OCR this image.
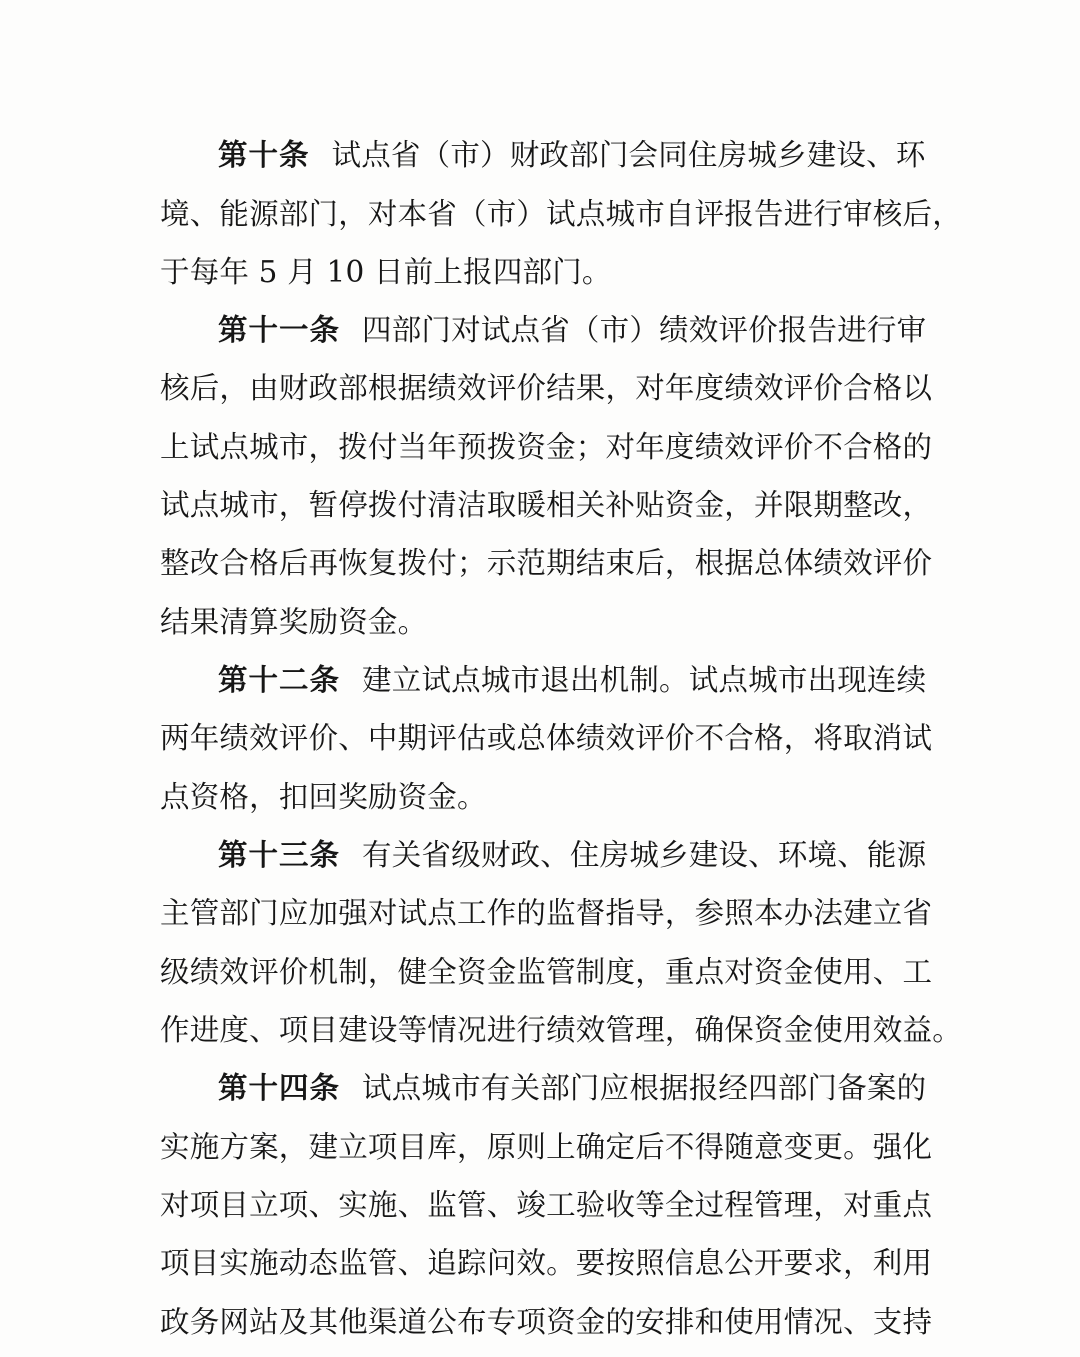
第十条 试点省（市）财政部门会同住房城乡建设、环
境、能源部门，对本省（市）试点城市自评报告进行审核后，
于每年 5 月 10 日前上报四部门。
第十一条 四部门对试点省（市）绩效评价报告进行审
核后，由财政部根据绩效评价结果，对年度绩效评价合格以
上试点城市，拨付当年预拨资金；对年度绩效评价不合格的
试点城市，暂停拨付清洁取暖相关补贴资金，并限期整改，
整改合格后再恢复拨付；示范期结束后，根据总体绩效评价
结果清算奖励资金。
第十二条 建立试点城市退出机制。试点城市出现连续
两年绩效评价、中期评估或总体绩效评价不合格，将取消试
点资格，扣回奖励资金。
第十三条 有关省级财政、住房城乡建设、环境、能源
主管部门应加强对试点工作的监督指导，参照本办法建立省
级绩效评价机制，健全资金监管制度，重点对资金使用、工
作进度、项目建设等情况进行绩效管理，确保资金使用效益。
第十四条 试点城市有关部门应根据报经四部门备案的
实施方案，建立项目库，原则上确定后不得随意变更。强化
对项目立项、实施、监管、竣工验收等全过程管理，对重点
项目实施动态监管、追踪问效。要按照信息公开要求，利用
政务网站及其他渠道公布专项资金的安排和使用情况、支持
